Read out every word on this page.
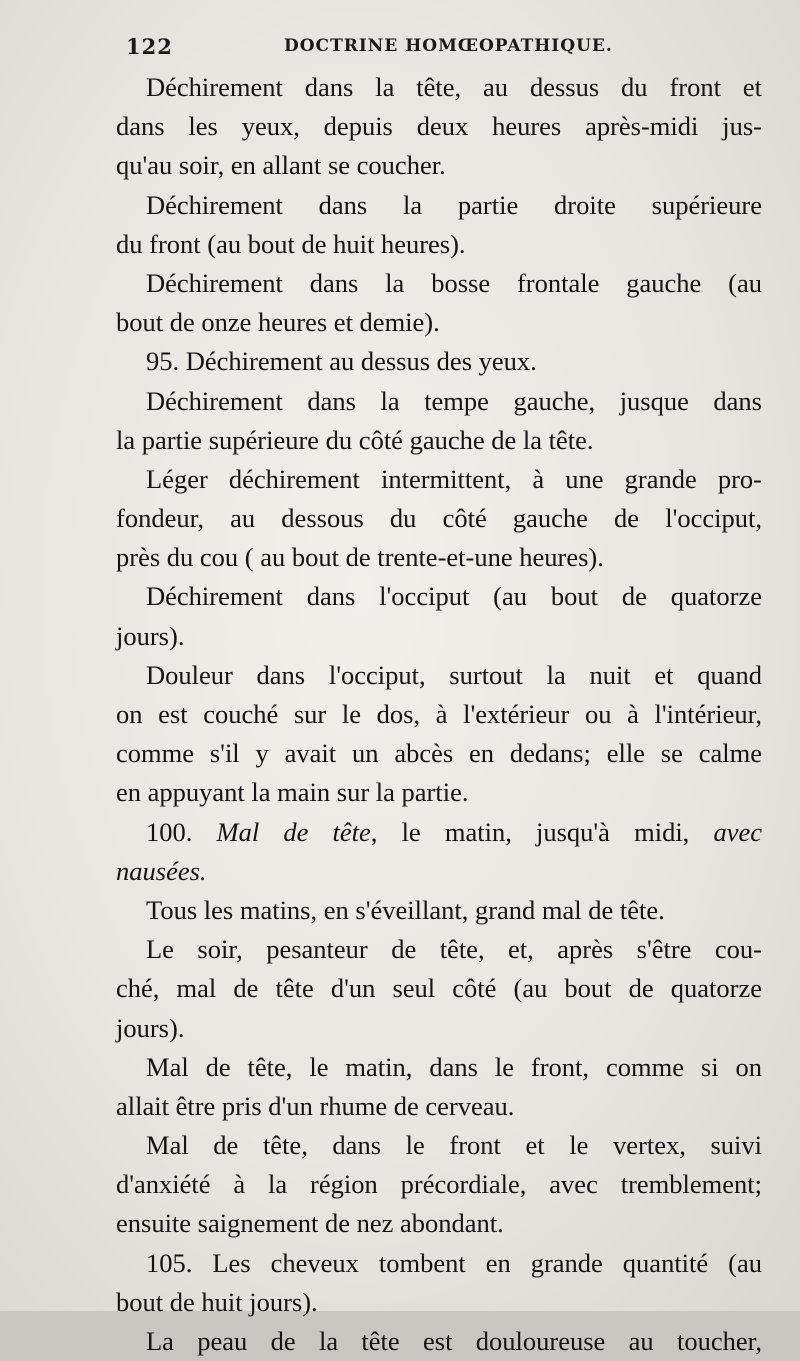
122	DOCTRINE HOMŒOPATHIQUE.
Déchirement dans la tête, au dessus du front et
dans les yeux, depuis deux heures après-midi jus-
qu'au soir, en allant se coucher.
Déchirement dans la partie droite supérieure
du front (au bout de huit heures).
Déchirement dans la bosse frontale gauche (au
bout de onze heures et demie).
95. Déchirement au dessus des yeux.
Déchirement dans la tempe gauche, jusque dans
la partie supérieure du côté gauche de la tête.
Léger déchirement intermittent, à une grande pro-
fondeur, au dessous du côté gauche de l'occiput,
près du cou ( au bout de trente-et-une heures).
Déchirement dans l'occiput (au bout de quatorze
jours).
Douleur dans l'occiput, surtout la nuit et quand
on est couché sur le dos, à l'extérieur ou à l'intérieur,
comme s'il y avait un abcès en dedans; elle se calme
en appuyant la main sur la partie.
100. Mal de tête, le matin, jusqu'à midi, avec
nausées.
Tous les matins, en s'éveillant, grand mal de tête.
Le soir, pesanteur de tête, et, après s'être cou-
ché, mal de tête d'un seul côté (au bout de quatorze
jours).
Mal de tête, le matin, dans le front, comme si on
allait être pris d'un rhume de cerveau.
Mal de tête, dans le front et le vertex, suivi
d'anxiété à la région précordiale, avec tremblement;
ensuite saignement de nez abondant.
105. Les cheveux tombent en grande quantité (au
bout de huit jours).
La peau de la tête est douloureuse au toucher,
